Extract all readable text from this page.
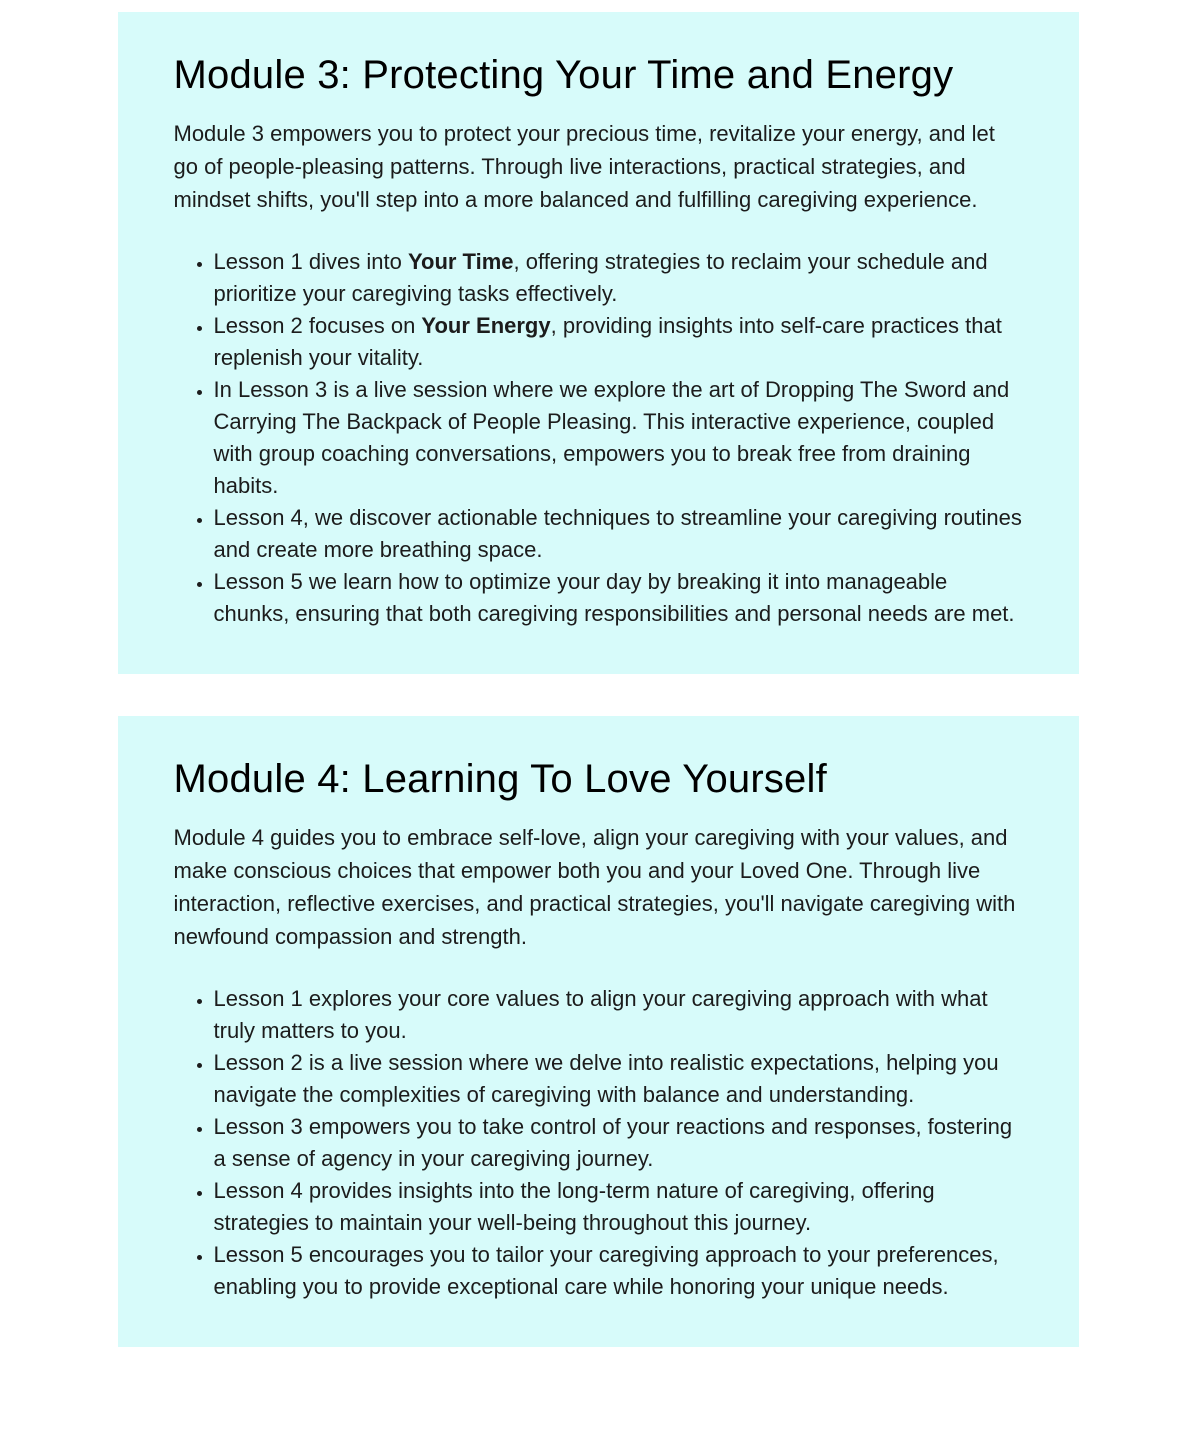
Module 3: Protecting Your Time and Energy

Module 3 empowers you to protect your precious time, revitalize your energy, and let go of people-pleasing patterns. Through live interactions, practical strategies, and mindset shifts, you'll step into a more balanced and fulfilling caregiving experience.

• Lesson 1 dives into Your Time, offering strategies to reclaim your schedule and prioritize your caregiving tasks effectively.
• Lesson 2 focuses on Your Energy, providing insights into self-care practices that replenish your vitality.
• In Lesson 3 is a live session where we explore the art of Dropping The Sword and Carrying The Backpack of People Pleasing. This interactive experience, coupled with group coaching conversations, empowers you to break free from draining habits.
• Lesson 4, we discover actionable techniques to streamline your caregiving routines and create more breathing space.
• Lesson 5 we learn how to optimize your day by breaking it into manageable chunks, ensuring that both caregiving responsibilities and personal needs are met.
Module 4: Learning To Love Yourself

Module 4 guides you to embrace self-love, align your caregiving with your values, and make conscious choices that empower both you and your Loved One. Through live interaction, reflective exercises, and practical strategies, you'll navigate caregiving with newfound compassion and strength.

• Lesson 1 explores your core values to align your caregiving approach with what truly matters to you.
• Lesson 2 is a live session where we delve into realistic expectations, helping you navigate the complexities of caregiving with balance and understanding.
• Lesson 3 empowers you to take control of your reactions and responses, fostering a sense of agency in your caregiving journey.
• Lesson 4 provides insights into the long-term nature of caregiving, offering strategies to maintain your well-being throughout this journey.
• Lesson 5 encourages you to tailor your caregiving approach to your preferences, enabling you to provide exceptional care while honoring your unique needs.
